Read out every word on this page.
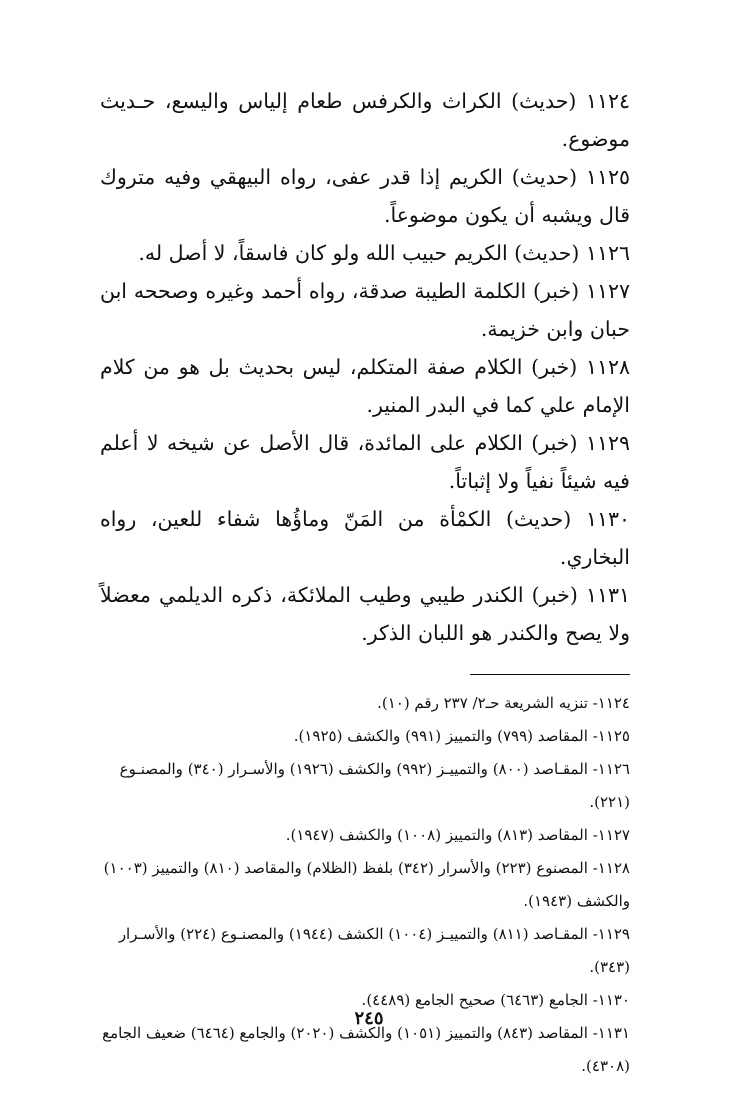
١١٢٤ (حديث) الكراث والكرفس طعام إلياس واليسع، حـديث موضوع.

١١٢٥ (حديث) الكريم إذا قدر عفى، رواه البيهقي وفيه متروك قال ويشبه أن يكون موضوعاً.

١١٢٦ (حديث) الكريم حبيب الله ولو كان فاسقاً، لا أصل له.

١١٢٧ (خبر) الكلمة الطيبة صدقة، رواه أحمد وغيره وصححه ابن حبان وابن خزيمة.

١١٢٨ (خبر) الكلام صفة المتكلم، ليس بحديث بل هو من كلام الإمام علي كما في البدر المنير.

١١٢٩ (خبر) الكلام على المائدة، قال الأصل عن شيخه لا أعلم فيه شيئاً نفياً ولا إثباتاً.

١١٣٠ (حديث) الكمْأة من المَنّ وماؤُها شفاء للعين، رواه البخاري.

١١٣١ (خبر) الكندر طيبي وطيب الملائكة، ذكره الديلمي معضلاً ولا يصح والكندر هو اللبان الذكر.

١١٢٤- تنزيه الشريعة حـ٢/ ٢٣٧ رقم (١٠).

١١٢٥- المقاصد (٧٩٩) والتمييز (٩٩١) والكشف (١٩٢٥).

١١٢٦- المقـاصد (٨٠٠) والتمييـز (٩٩٢) والكشف (١٩٢٦) والأسـرار (٣٤٠) والمصنـوع (٢٢١).

١١٢٧- المقاصد (٨١٣) والتمييز (١٠٠٨) والكشف (١٩٤٧).

١١٢٨- المصنوع (٢٢٣) والأسرار (٣٤٢) بلفظ (الظلام) والمقاصد (٨١٠) والتمييز (١٠٠٣) والكشف (١٩٤٣).

١١٢٩- المقـاصد (٨١١) والتمييـز (١٠٠٤) الكشف (١٩٤٤) والمصنـوع (٢٢٤) والأسـرار (٣٤٣).

١١٣٠- الجامع (٦٤٦٣) صحيح الجامع (٤٤٨٩).

١١٣١- المقاصد (٨٤٣) والتمييز (١٠٥١) والكشف (٢٠٢٠) والجامع (٦٤٦٤) ضعيف الجامع (٤٣٠٨).

٢٤٥
